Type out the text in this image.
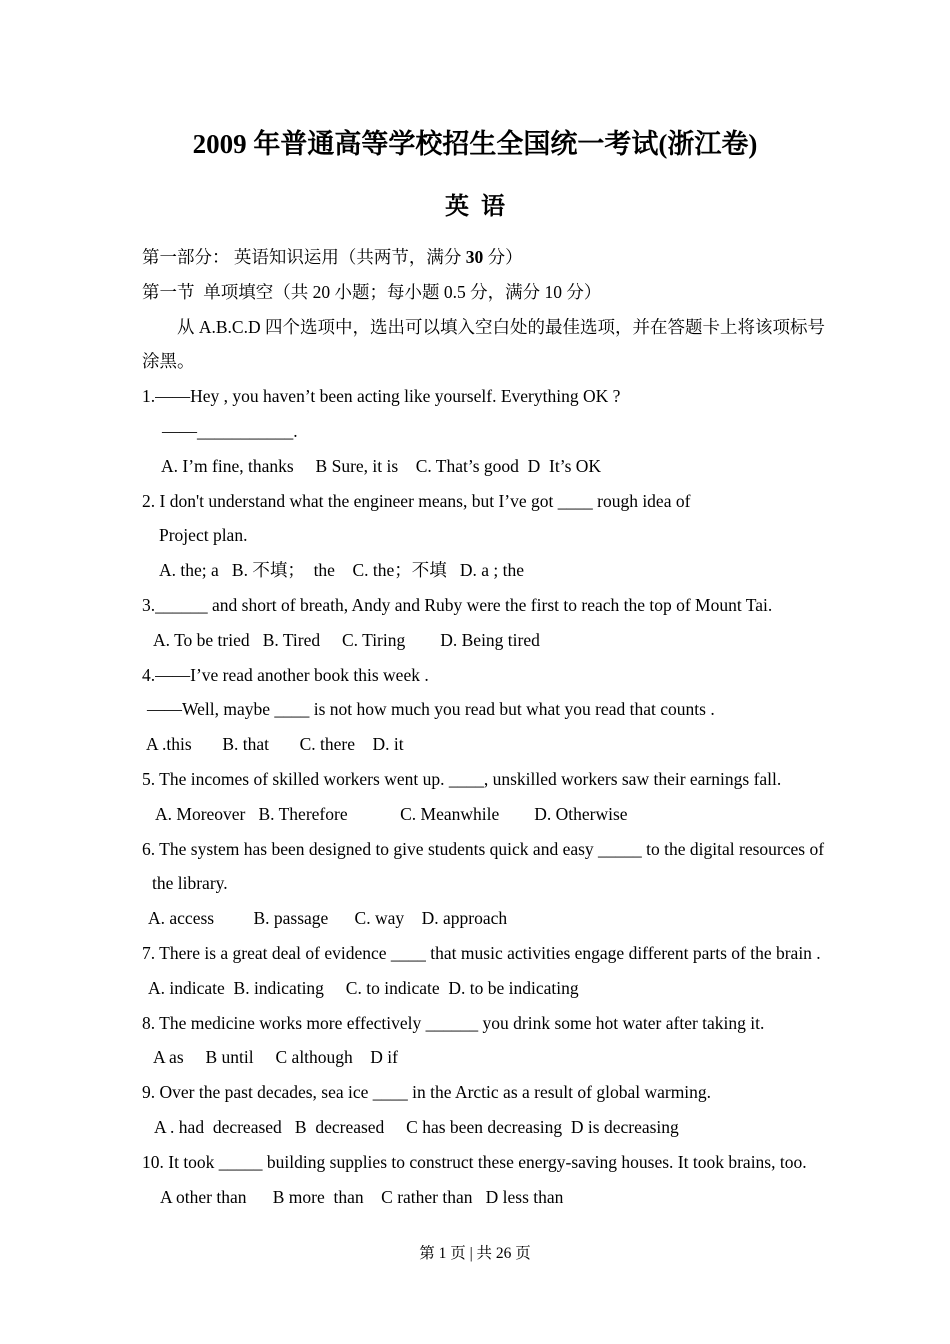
2009 年普通高等学校招生全国统一考试(浙江卷)
英  语
第一部分： 英语知识运用（共两节，满分 30 分）
第一节  单项填空（共 20 小题；每小题 0.5 分，满分 10 分）
从 A.B.C.D 四个选项中，选出可以填入空白处的最佳选项，并在答题卡上将该项标号
涂黑。
1.——Hey , you haven’t been acting like yourself. Everything OK ?
——___________.
A. I’m fine, thanks     B Sure, it is    C. That’s good  D  It’s OK
2. I don't understand what the engineer means, but I’ve got ____ rough idea of
Project plan.
A. the; a   B. 不填；  the    C. the；不填   D. a ; the
3.______ and short of breath, Andy and Ruby were the first to reach the top of Mount Tai.
A. To be tried   B. Tired     C. Tiring        D. Being tired
4.——I’ve read another book this week .
——Well, maybe ____ is not how much you read but what you read that counts .
A .this       B. that       C. there    D. it
5. The incomes of skilled workers went up. ____, unskilled workers saw their earnings fall.
A. Moreover   B. Therefore            C. Meanwhile        D. Otherwise
6. The system has been designed to give students quick and easy _____ to the digital resources of
the library.
A. access         B. passage      C. way    D. approach
7. There is a great deal of evidence ____ that music activities engage different parts of the brain .
A. indicate  B. indicating     C. to indicate  D. to be indicating
8. The medicine works more effectively ______ you drink some hot water after taking it.
A as     B until     C although    D if
9. Over the past decades, sea ice ____ in the Arctic as a result of global warming.
A . had  decreased   B  decreased     C has been decreasing  D is decreasing
10. It took _____ building supplies to construct these energy-saving houses. It took brains, too.
A other than      B more  than    C rather than   D less than
第 1 页 | 共 26 页
